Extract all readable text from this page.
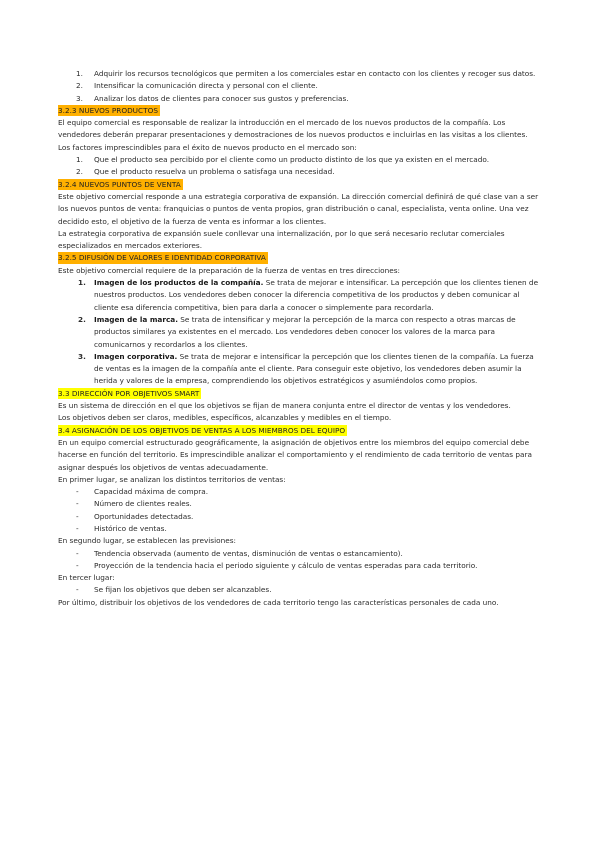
1. Adquirir los recursos tecnológicos que permiten a los comerciales estar en contacto con los clientes y recoger sus datos.
2. Intensificar la comunicación directa y personal con el cliente.
3. Analizar los datos de clientes para conocer sus gustos y preferencias.

3.2.3 NUEVOS PRODUCTOS

El equipo comercial es responsable de realizar la introducción en el mercado de los nuevos productos de la compañía. Los vendedores deberán preparar presentaciones y demostraciones de los nuevos productos e incluirlas en las visitas a los clientes.

Los factores imprescindibles para el éxito de nuevos producto en el mercado son:

1. Que el producto sea percibido por el cliente como un producto distinto de los que ya existen en el mercado.
2. Que el producto resuelva un problema o satisfaga una necesidad.

3.2.4 NUEVOS PUNTOS DE VENTA

Este objetivo comercial responde a una estrategia corporativa de expansión. La dirección comercial definirá de qué clase van a ser los nuevos puntos de venta: franquicias o puntos de venta propios, gran distribución o canal, especialista, venta online. Una vez decidido esto, el objetivo de la fuerza de venta es informar a los clientes.

La estrategia corporativa de expansión suele conllevar una internalización, por lo que será necesario reclutar comerciales especializados en mercados exteriores.

3.2.5 DIFUSIÓN DE VALORES E IDENTIDAD CORPORATIVA

Este objetivo comercial requiere de la preparación de la fuerza de ventas en tres direcciones:

1. Imagen de los productos de la compañía. Se trata de mejorar e intensificar. La percepción que los clientes tienen de nuestros productos. Los vendedores deben conocer la diferencia competitiva de los productos y deben comunicar al cliente esa diferencia competitiva, bien para darla a conocer o simplemente para recordarla.
2. Imagen de la marca. Se trata de intensificar y mejorar la percepción de la marca con respecto a otras marcas de productos similares ya existentes en el mercado. Los vendedores deben conocer los valores de la marca para comunicarnos y recordarlos a los clientes.
3. Imagen corporativa. Se trata de mejorar e intensificar la percepción que los clientes tienen de la compañía. La fuerza de ventas es la imagen de la compañía ante el cliente. Para conseguir este objetivo, los vendedores deben asumir la herida y valores de la empresa, comprendiendo los objetivos estratégicos y asumiéndolos como propios.

3.3 DIRECCIÓN POR OBJETIVOS SMART

Es un sistema de dirección en el que los objetivos se fijan de manera conjunta entre el director de ventas y los vendedores.

Los objetivos deben ser claros, medibles, específicos, alcanzables y medibles en el tiempo.

3.4 ASIGNACIÓN DE LOS OBJETIVOS DE VENTAS A LOS MIEMBROS DEL EQUIPO

En un equipo comercial estructurado geográficamente, la asignación de objetivos entre los miembros del equipo comercial debe hacerse en función del territorio. Es imprescindible analizar el comportamiento y el rendimiento de cada territorio de ventas para asignar después los objetivos de ventas adecuadamente.

En primer lugar, se analizan los distintos territorios de ventas:

- Capacidad máxima de compra.
- Número de clientes reales.
- Oportunidades detectadas.
- Histórico de ventas.

En segundo lugar, se establecen las previsiones:

- Tendencia observada (aumento de ventas, disminución de ventas o estancamiento).
- Proyección de la tendencia hacia el periodo siguiente y cálculo de ventas esperadas para cada territorio.

En tercer lugar:

- Se fijan los objetivos que deben ser alcanzables.

Por último, distribuir los objetivos de los vendedores de cada territorio tengo las características personales de cada uno.
